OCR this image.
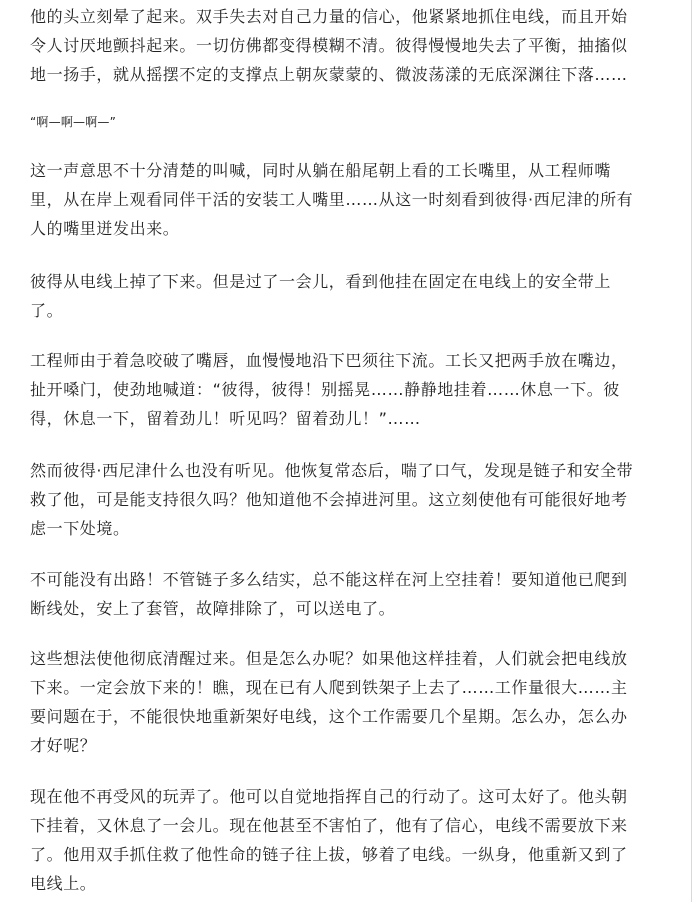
他的头立刻晕了起来。双手失去对自己力量的信心，他紧紧地抓住电线，而且开始令人讨厌地颤抖起来。一切仿佛都变得模糊不清。彼得慢慢地失去了平衡，抽搐似地一扬手，就从摇摆不定的支撑点上朝灰蒙蒙的、微波荡漾的无底深渊往下落……

“啊—啊—啊—”

这一声意思不十分清楚的叫喊，同时从躺在船尾朝上看的工长嘴里，从工程师嘴里，从在岸上观看同伴干活的安装工人嘴里……从这一时刻看到彼得·西尼津的所有人的嘴里迸发出来。

彼得从电线上掉了下来。但是过了一会儿，看到他挂在固定在电线上的安全带上了。

工程师由于着急咬破了嘴唇，血慢慢地沿下巴须往下流。工长又把两手放在嘴边，扯开嗓门，使劲地喊道：“彼得，彼得！别摇晃……静静地挂着……休息一下。彼得，休息一下，留着劲儿！听见吗？留着劲儿！”……

然而彼得·西尼津什么也没有听见。他恢复常态后，喘了口气，发现是链子和安全带救了他，可是能支持很久吗？他知道他不会掉进河里。这立刻使他有可能很好地考虑一下处境。

不可能没有出路！不管链子多么结实，总不能这样在河上空挂着！要知道他已爬到断线处，安上了套管，故障排除了，可以送电了。

这些想法使他彻底清醒过来。但是怎么办呢？如果他这样挂着，人们就会把电线放下来。一定会放下来的！瞧，现在已有人爬到铁架子上去了……工作量很大……主要问题在于，不能很快地重新架好电线，这个工作需要几个星期。怎么办，怎么办才好呢？

现在他不再受风的玩弄了。他可以自觉地指挥自己的行动了。这可太好了。他头朝下挂着，又休息了一会儿。现在他甚至不害怕了，他有了信心，电线不需要放下来了。他用双手抓住救了他性命的链子往上拔，够着了电线。一纵身，他重新又到了电线上。
